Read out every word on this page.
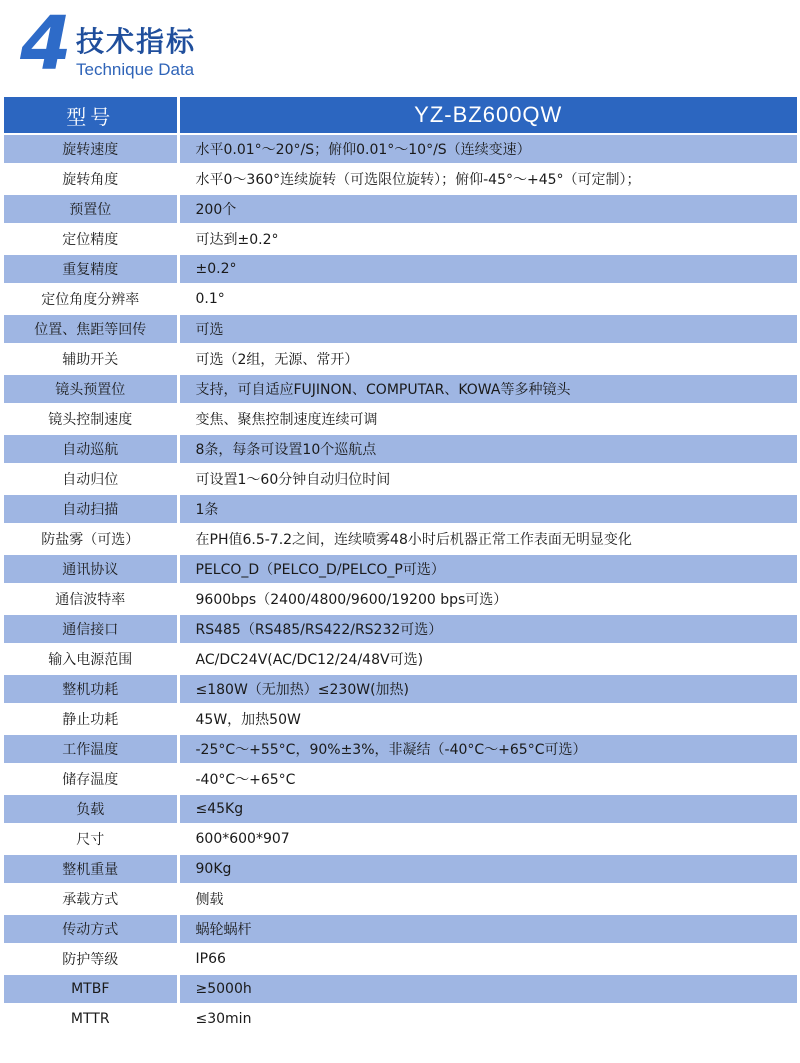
4 技术指标
Technique Data
型号	YZ-BZ600QW
旋转速度	水平0.01°～20°/S；俯仰0.01°～10°/S（连续变速）
旋转角度	水平0～360°连续旋转（可选限位旋转）；俯仰-45°～+45°（可定制）；
预置位	200个
定位精度	可达到±0.2°
重复精度	±0.2°
定位角度分辨率	0.1°
位置、焦距等回传	可选
辅助开关	可选（2组，无源、常开）
镜头预置位	支持，可自适应FUJINON、COMPUTAR、KOWA等多种镜头
镜头控制速度	变焦、聚焦控制速度连续可调
自动巡航	8条，每条可设置10个巡航点
自动归位	可设置1～60分钟自动归位时间
自动扫描	1条
防盐雾（可选）	在PH值6.5-7.2之间，连续喷雾48小时后机器正常工作表面无明显变化
通讯协议	PELCO_D（PELCO_D/PELCO_P可选）
通信波特率	9600bps（2400/4800/9600/19200 bps可选）
通信接口	RS485（RS485/RS422/RS232可选）
输入电源范围	AC/DC24V(AC/DC12/24/48V可选)
整机功耗	≤180W（无加热）≤230W(加热)
静止功耗	45W，加热50W
工作温度	-25°C～+55°C，90%±3%，非凝结（-40°C～+65°C可选）
储存温度	-40°C～+65°C
负载	≤45Kg
尺寸	600*600*907
整机重量	90Kg
承载方式	侧载
传动方式	蜗轮蜗杆
防护等级	IP66
MTBF	≥5000h
MTTR	≤30min
